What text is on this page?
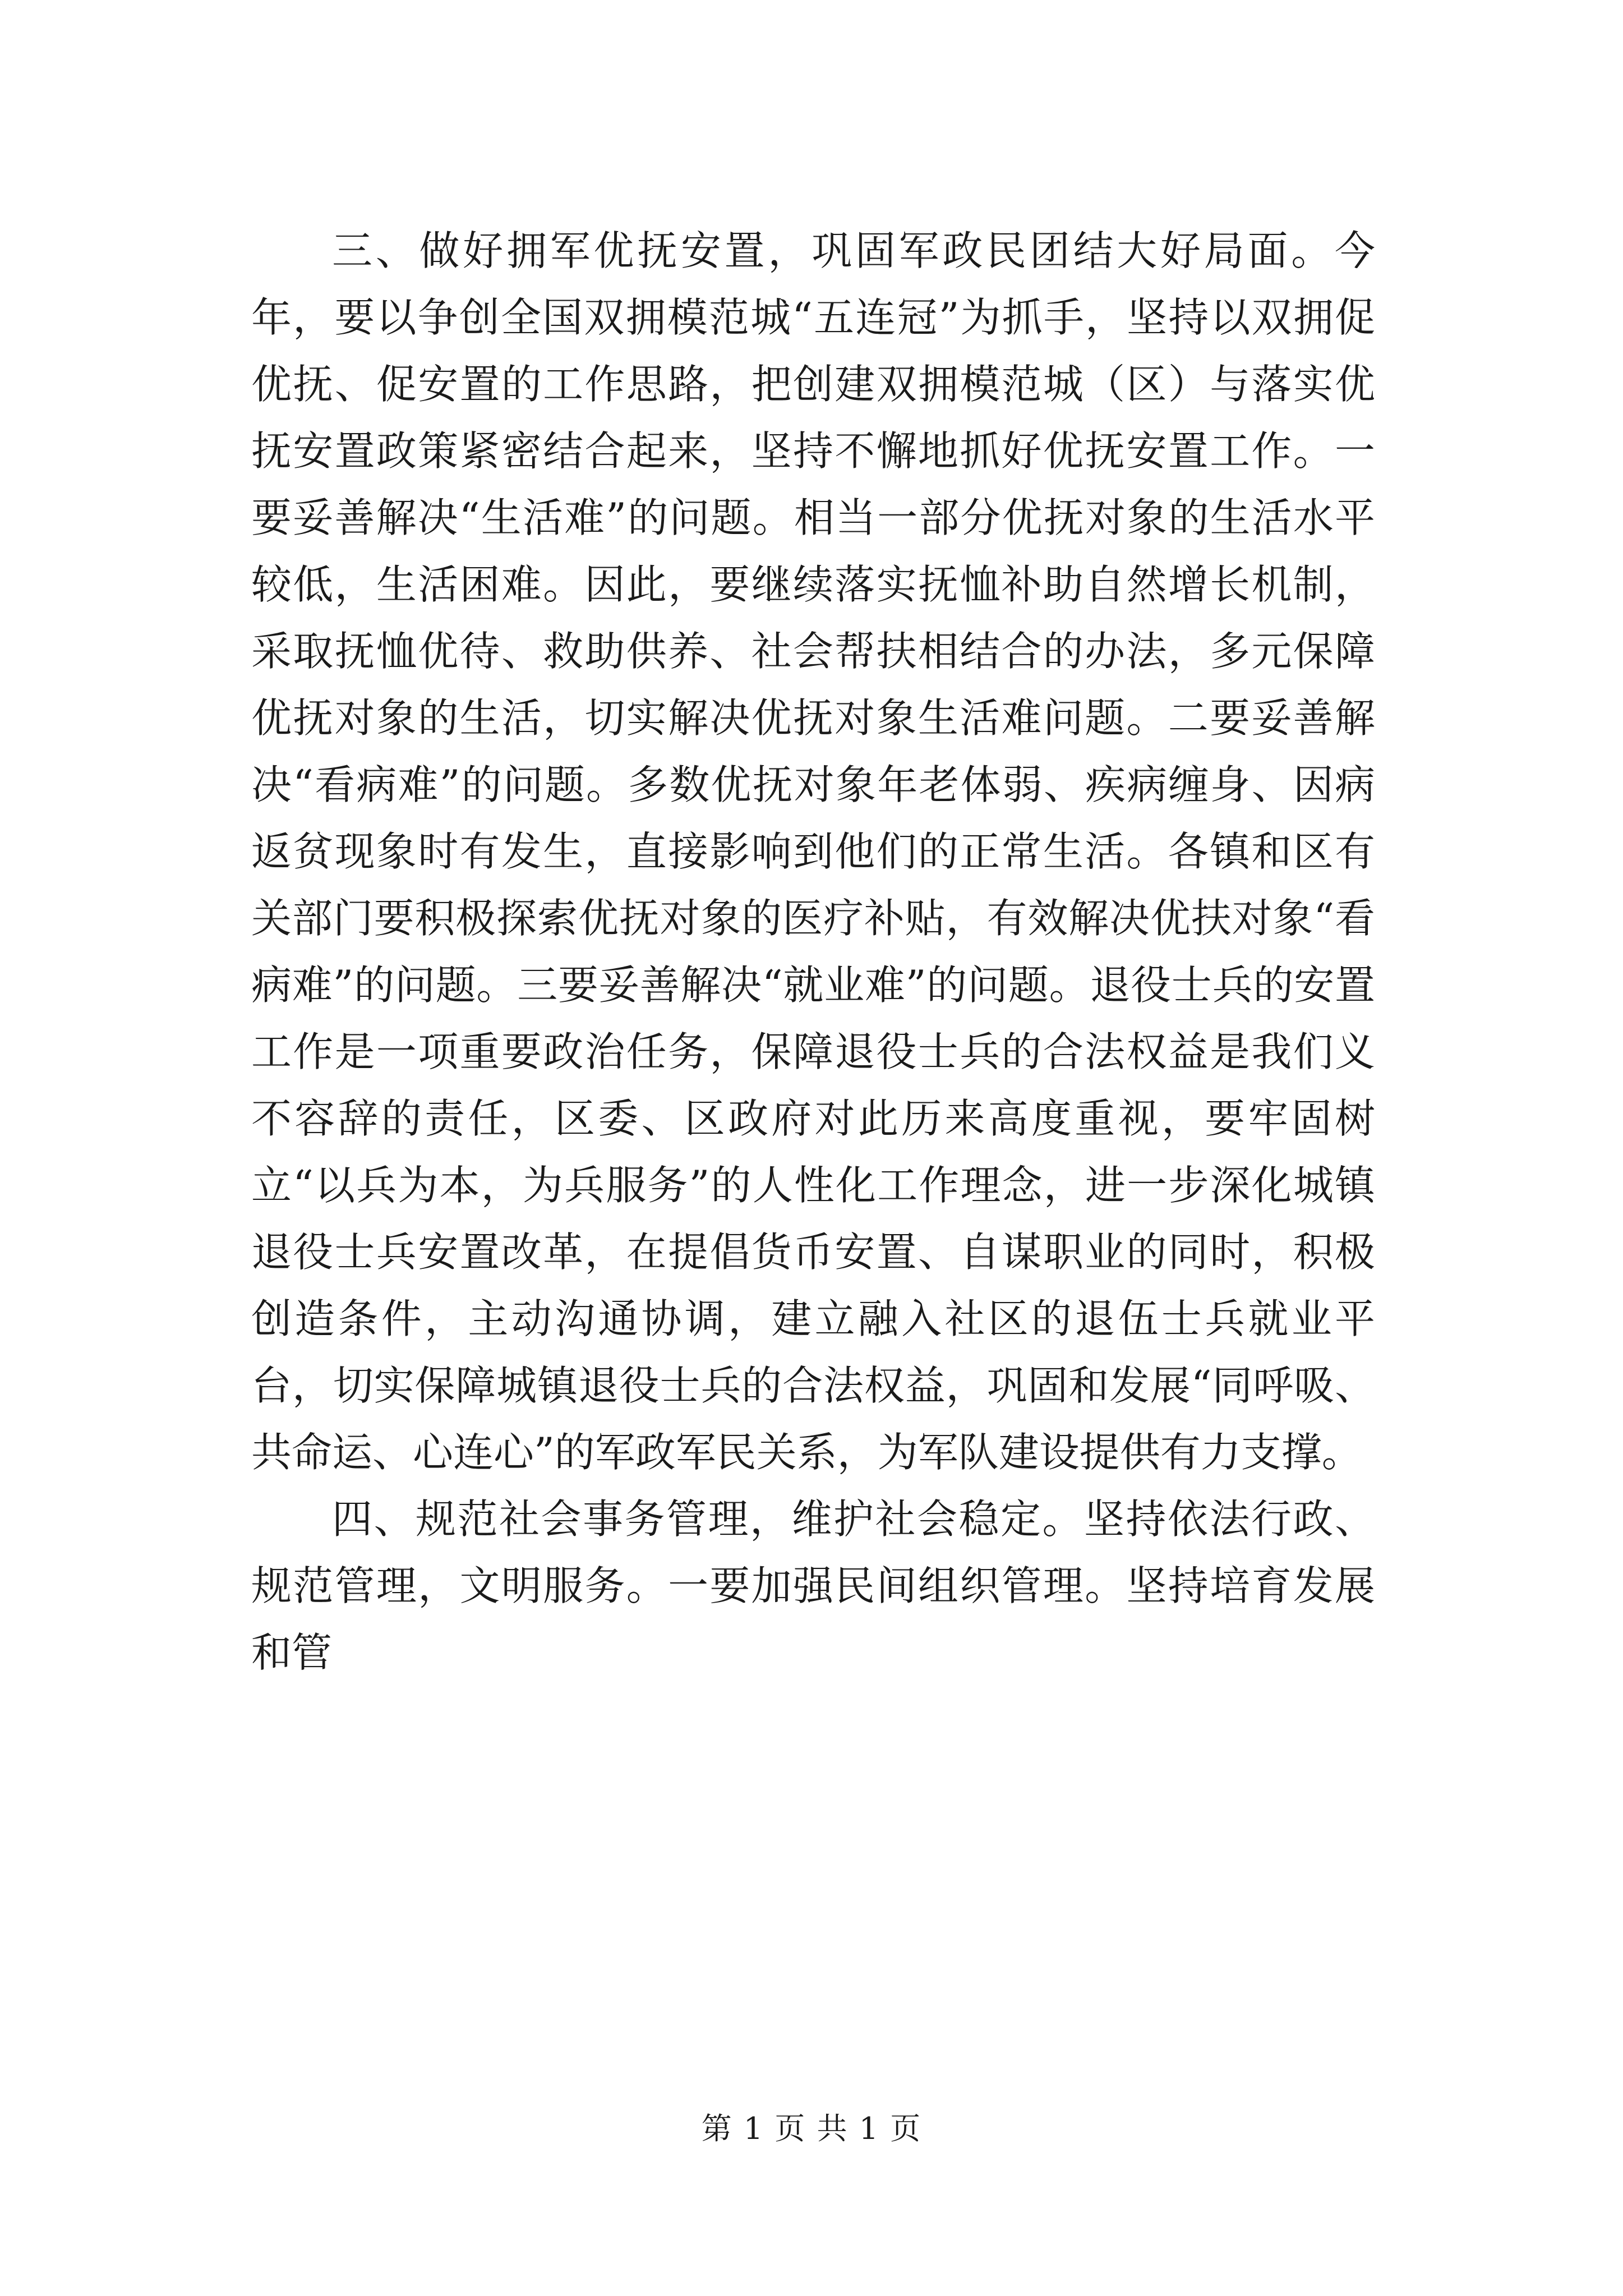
三、做好拥军优抚安置，巩固军政民团结大好局面。今年，要以争创全国双拥模范城“五连冠”为抓手，坚持以双拥促优抚、促安置的工作思路，把创建双拥模范城（区）与落实优抚安置政策紧密结合起来，坚持不懈地抓好优抚安置工作。一要妥善解决“生活难”的问题。相当一部分优抚对象的生活水平较低，生活困难。因此，要继续落实抚恤补助自然增长机制，采取抚恤优待、救助供养、社会帮扶相结合的办法，多元保障优抚对象的生活，切实解决优抚对象生活难问题。二要妥善解决“看病难”的问题。多数优抚对象年老体弱、疾病缠身、因病返贫现象时有发生，直接影响到他们的正常生活。各镇和区有关部门要积极探索优抚对象的医疗补贴，有效解决优扶对象“看病难”的问题。三要妥善解决“就业难”的问题。退役士兵的安置工作是一项重要政治任务，保障退役士兵的合法权益是我们义不容辞的责任，区委、区政府对此历来高度重视，要牢固树立“以兵为本，为兵服务”的人性化工作理念，进一步深化城镇退役士兵安置改革，在提倡货币安置、自谋职业的同时，积极创造条件，主动沟通协调，建立融入社区的退伍士兵就业平台，切实保障城镇退役士兵的合法权益，巩固和发展“同呼吸、共命运、心连心”的军政军民关系，为军队建设提供有力支撑。

四、规范社会事务管理，维护社会稳定。坚持依法行政、规范管理，文明服务。一要加强民间组织管理。坚持培育发展和管

第 1 页 共 1 页
